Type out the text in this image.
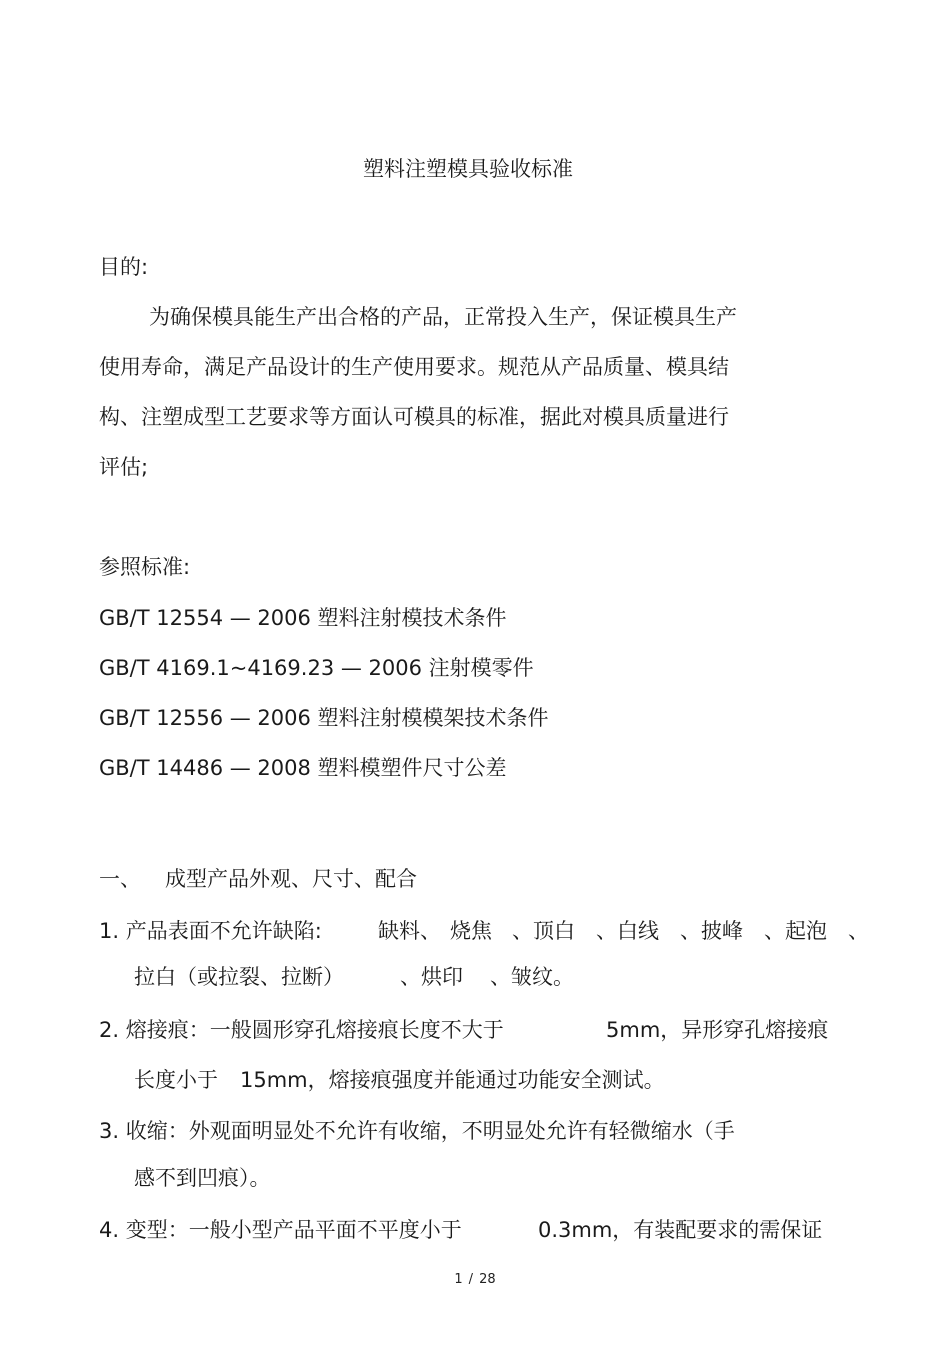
塑料注塑模具验收标准

目的:

为确保模具能生产出合格的产品，正常投入生产，保证模具生产

使用寿命，满足产品设计的生产使用要求。规范从产品质量、模具结

构、注塑成型工艺要求等方面认可模具的标准，据此对模具质量进行

评估;

参照标准:

GB/T 12554 — 2006 塑料注射模技术条件

GB/T 4169.1~4169.23 — 2006 注射模零件

GB/T 12556 — 2006 塑料注射模模架技术条件

GB/T 14486 — 2008 塑料模塑件尺寸公差

一、 成型产品外观、尺寸、配合

1. 产品表面不允许缺陷:	缺料、 烧焦 、顶白 、白线 、披峰 、起泡 、

拉白（或拉裂、拉断）	、烘印 、皱纹。

2. 熔接痕：一般圆形穿孔熔接痕长度不大于	5mm，异形穿孔熔接痕

长度小于 15mm，熔接痕强度并能通过功能安全测试。

3. 收缩：外观面明显处不允许有收缩，不明显处允许有轻微缩水（手

感不到凹痕）。

4. 变型：一般小型产品平面不平度小于	0.3mm，有装配要求的需保证

1 / 28
